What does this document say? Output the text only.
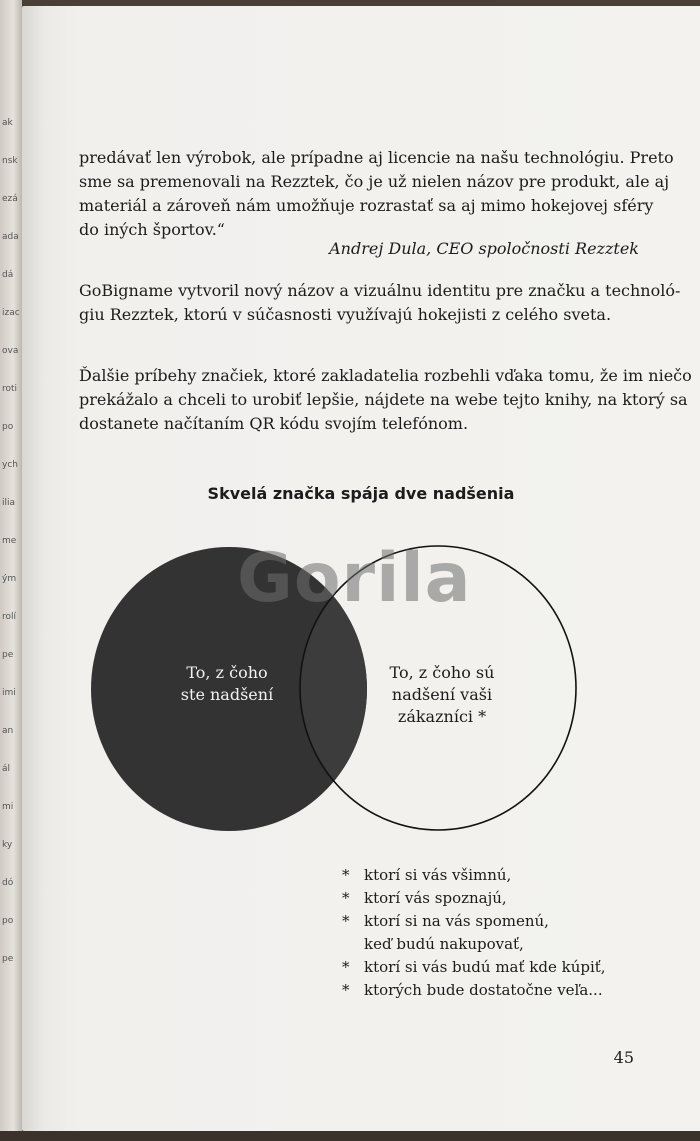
ak
nsk
ezá
ada
dá
izac
ova
roti
po
ych
ilia
me
ým
rolí
pe
imi
an
ál
mi
ky
dó
po
pe
predávať len výrobok, ale prípadne aj licencie na našu technológiu. Preto
sme sa premenovali na Rezztek, čo je už nielen názov pre produkt, ale aj
materiál a zároveň nám umožňuje rozrastať sa aj mimo hokejovej sféry
do iných športov.“

Andrej Dula, CEO spoločnosti Rezztek

GoBigname vytvoril nový názov a vizuálnu identitu pre značku a technoló-
giu Rezztek, ktorú v súčasnosti využívajú hokejisti z celého sveta.
Ďalšie príbehy značiek, ktoré zakladatelia rozbehli vďaka tomu, že im niečo
prekážalo a chceli to urobiť lepšie, nájdete na webe tejto knihy, na ktorý sa
dostanete načítaním QR kódu svojím telefónom.
Skvelá značka spája dve nadšenia
Gorila
To, z čoho
ste nadšení
To, z čoho sú
nadšení vaši
zákazníci *
* ktorí si vás všimnú,
* ktorí vás spoznajú,
* ktorí si na vás spomenú,
keď budú nakupovať,
* ktorí si vás budú mať kde kúpiť,
* ktorých bude dostatočne veľa...
45
